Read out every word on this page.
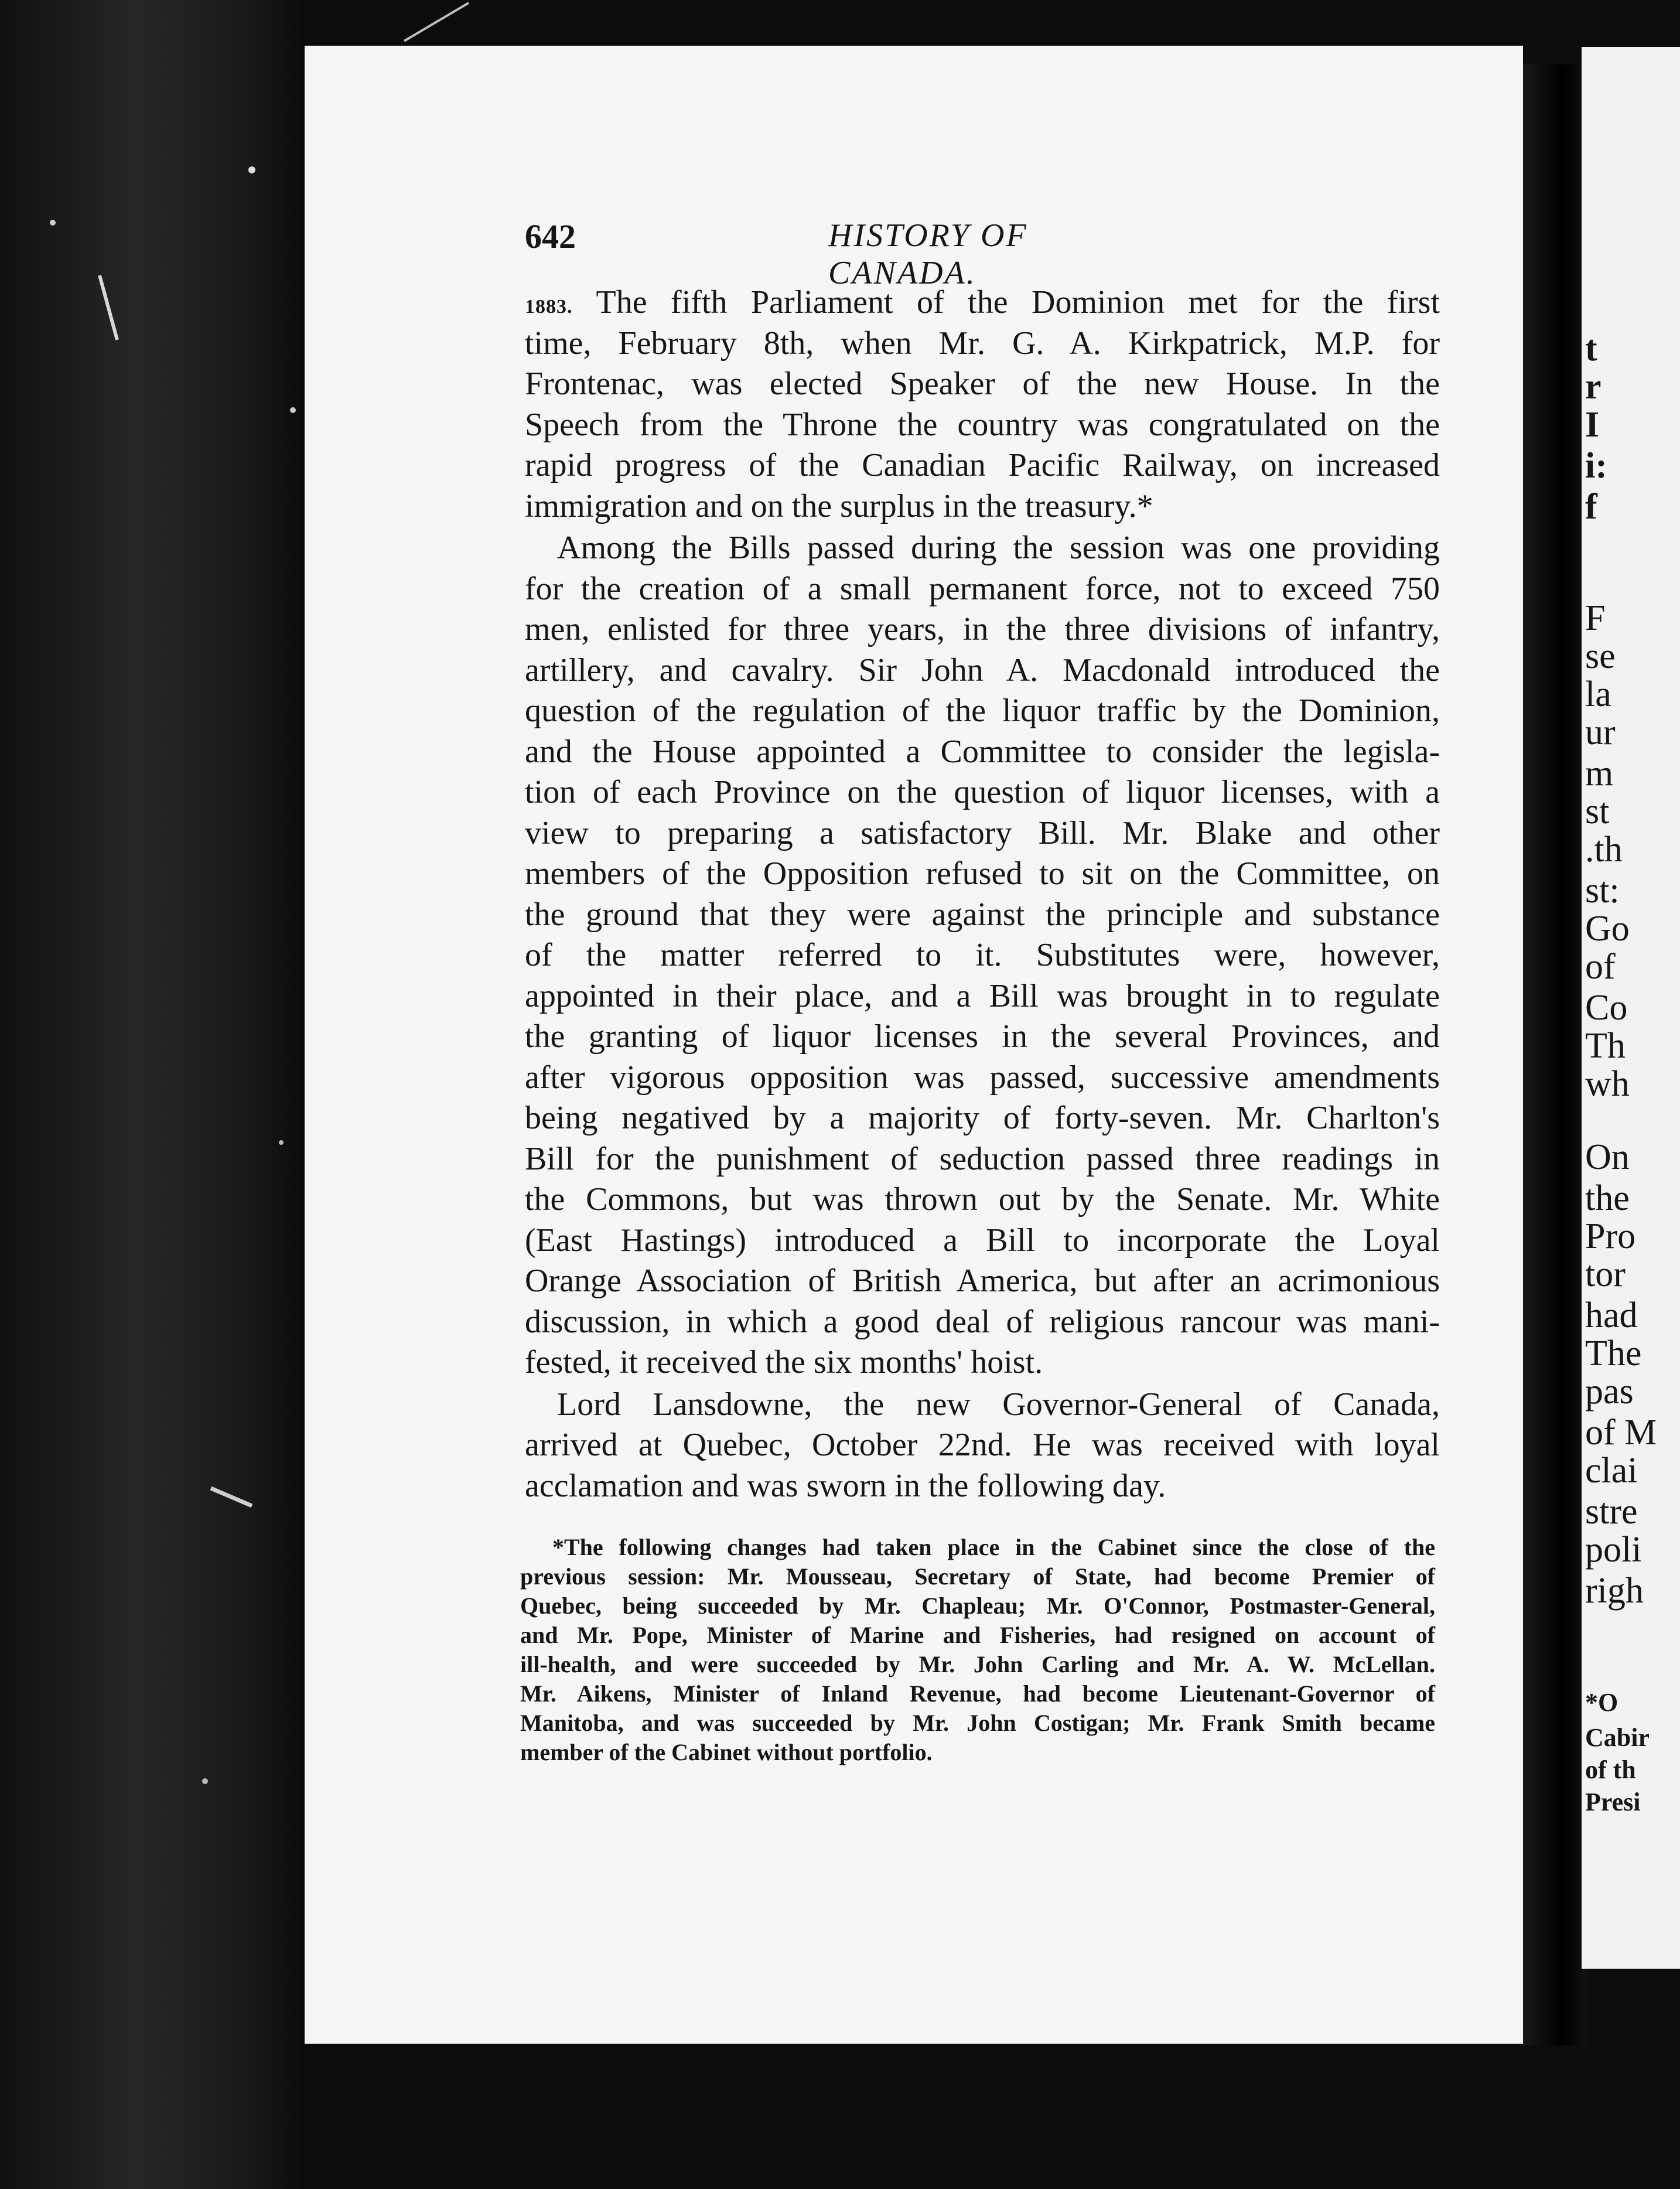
t
r
I
i:
f
F
se
la
ur
m
st
.th
st:
Go
of
Co
Th
wh
On
the
Pro
tor
had
The
pas
of M
clai
stre
poli
righ
*O
Cabir
of th
Presi
642	HISTORY OF CANADA.
1883. The fifth Parliament of the Dominion met for the first
time, February 8th, when Mr. G. A. Kirkpatrick, M.P. for
Frontenac, was elected Speaker of the new House. In the
Speech from the Throne the country was congratulated on the
rapid progress of the Canadian Pacific Railway, on increased
immigration and on the surplus in the treasury.*
Among the Bills passed during the session was one providing
for the creation of a small permanent force, not to exceed 750
men, enlisted for three years, in the three divisions of infantry,
artillery, and cavalry. Sir John A. Macdonald introduced the
question of the regulation of the liquor traffic by the Dominion,
and the House appointed a Committee to consider the legisla-
tion of each Province on the question of liquor licenses, with a
view to preparing a satisfactory Bill. Mr. Blake and other
members of the Opposition refused to sit on the Committee, on
the ground that they were against the principle and substance
of the matter referred to it. Substitutes were, however,
appointed in their place, and a Bill was brought in to regulate
the granting of liquor licenses in the several Provinces, and
after vigorous opposition was passed, successive amendments
being negatived by a majority of forty-seven. Mr. Charlton's
Bill for the punishment of seduction passed three readings in
the Commons, but was thrown out by the Senate. Mr. White
(East Hastings) introduced a Bill to incorporate the Loyal
Orange Association of British America, but after an acrimonious
discussion, in which a good deal of religious rancour was mani-
fested, it received the six months' hoist.
Lord Lansdowne, the new Governor-General of Canada,
arrived at Quebec, October 22nd. He was received with loyal
acclamation and was sworn in the following day.
*The following changes had taken place in the Cabinet since the close of the
previous session: Mr. Mousseau, Secretary of State, had become Premier of
Quebec, being succeeded by Mr. Chapleau; Mr. O'Connor, Postmaster-General,
and Mr. Pope, Minister of Marine and Fisheries, had resigned on account of
ill-health, and were succeeded by Mr. John Carling and Mr. A. W. McLellan.
Mr. Aikens, Minister of Inland Revenue, had become Lieutenant-Governor of
Manitoba, and was succeeded by Mr. John Costigan; Mr. Frank Smith became
member of the Cabinet without portfolio.
